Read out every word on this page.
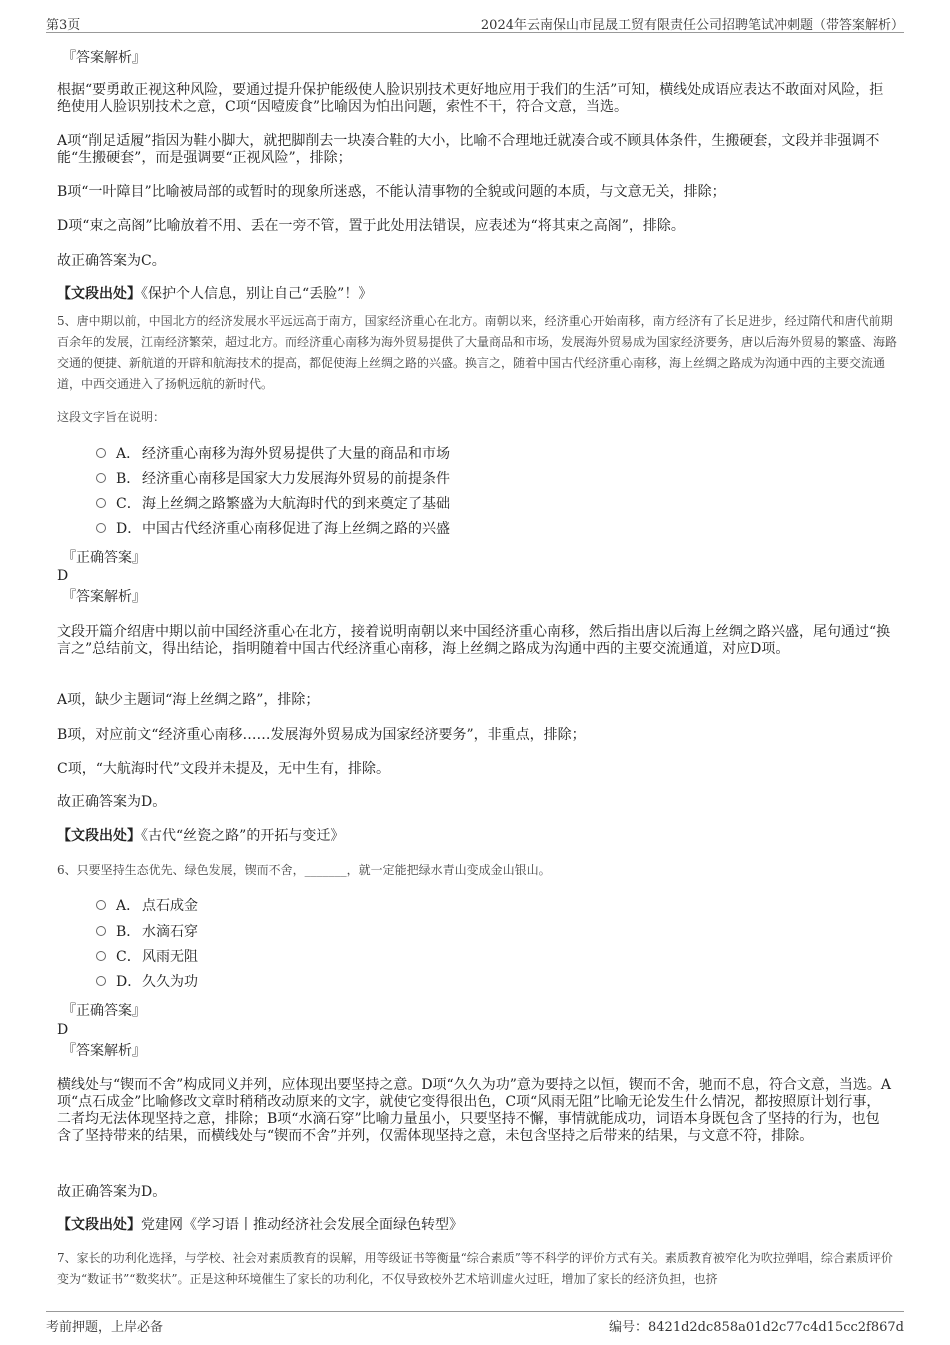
第3页	2024年云南保山市昆晟工贸有限责任公司招聘笔试冲刺题（带答案解析）

『答案解析』

根据“要勇敢正视这种风险，要通过提升保护能级使人脸识别技术更好地应用于我们的生活”可知，横线处成语应表达不敢面对风险，拒绝使用人脸识别技术之意，C项“因噎废食”比喻因为怕出问题，索性不干，符合文意，当选。

A项“削足适履”指因为鞋小脚大，就把脚削去一块凑合鞋的大小，比喻不合理地迁就凑合或不顾具体条件，生搬硬套，文段并非强调不能“生搬硬套”，而是强调要“正视风险”，排除；

B项“一叶障目”比喻被局部的或暂时的现象所迷惑，不能认清事物的全貌或问题的本质，与文意无关，排除；

D项“束之高阁”比喻放着不用、丢在一旁不管，置于此处用法错误，应表述为“将其束之高阁”，排除。

故正确答案为C。

【文段出处】《保护个人信息，别让自己“丢脸”！》

5、唐中期以前，中国北方的经济发展水平远远高于南方，国家经济重心在北方。南朝以来，经济重心开始南移，南方经济有了长足进步，经过隋代和唐代前期百余年的发展，江南经济繁荣，超过北方。而经济重心南移为海外贸易提供了大量商品和市场，发展海外贸易成为国家经济要务，唐以后海外贸易的繁盛、海路交通的便捷、新航道的开辟和航海技术的提高，都促使海上丝绸之路的兴盛。换言之，随着中国古代经济重心南移，海上丝绸之路成为沟通中西的主要交流通道，中西交通进入了扬帆远航的新时代。

这段文字旨在说明：

A． 经济重心南移为海外贸易提供了大量的商品和市场
B． 经济重心南移是国家大力发展海外贸易的前提条件
C．海上丝绸之路繁盛为大航海时代的到来奠定了基础
D．中国古代经济重心南移促进了海上丝绸之路的兴盛

『正确答案』

D

『答案解析』

文段开篇介绍唐中期以前中国经济重心在北方，接着说明南朝以来中国经济重心南移，然后指出唐以后海上丝绸之路兴盛，尾句通过“换言之”总结前文，得出结论，指明随着中国古代经济重心南移，海上丝绸之路成为沟通中西的主要交流通道，对应D项。

A项，缺少主题词“海上丝绸之路”，排除；

B项，对应前文“经济重心南移……发展海外贸易成为国家经济要务”，非重点，排除；

C项，“大航海时代”文段并未提及，无中生有，排除。

故正确答案为D。

【文段出处】《古代“丝瓷之路”的开拓与变迁》

6、只要坚持生态优先、绿色发展，锲而不舍，_______，就一定能把绿水青山变成金山银山。

A． 点石成金
B． 水滴石穿
C．风雨无阻
D．久久为功

『正确答案』

D

『答案解析』

横线处与“锲而不舍”构成同义并列，应体现出要坚持之意。D项“久久为功”意为要持之以恒，锲而不舍，驰而不息，符合文意，当选。A项“点石成金”比喻修改文章时稍稍改动原来的文字，就使它变得很出色，C项“风雨无阻”比喻无论发生什么情况，都按照原计划行事，二者均无法体现坚持之意，排除；B项“水滴石穿”比喻力量虽小，只要坚持不懈，事情就能成功，词语本身既包含了坚持的行为，也包含了坚持带来的结果，而横线处与“锲而不舍”并列，仅需体现坚持之意，未包含坚持之后带来的结果，与文意不符，排除。

故正确答案为D。

【文段出处】党建网《学习语丨推动经济社会发展全面绿色转型》

7、家长的功利化选择，与学校、社会对素质教育的误解，用等级证书等衡量“综合素质”等不科学的评价方式有关。素质教育被窄化为吹拉弹唱，综合素质评价变为“数证书”“数奖状”。正是这种环境催生了家长的功利化，不仅导致校外艺术培训虚火过旺，增加了家长的经济负担，也挤

考前押题，上岸必备	编号：8421d2dc858a01d2c77c4d15cc2f867d
